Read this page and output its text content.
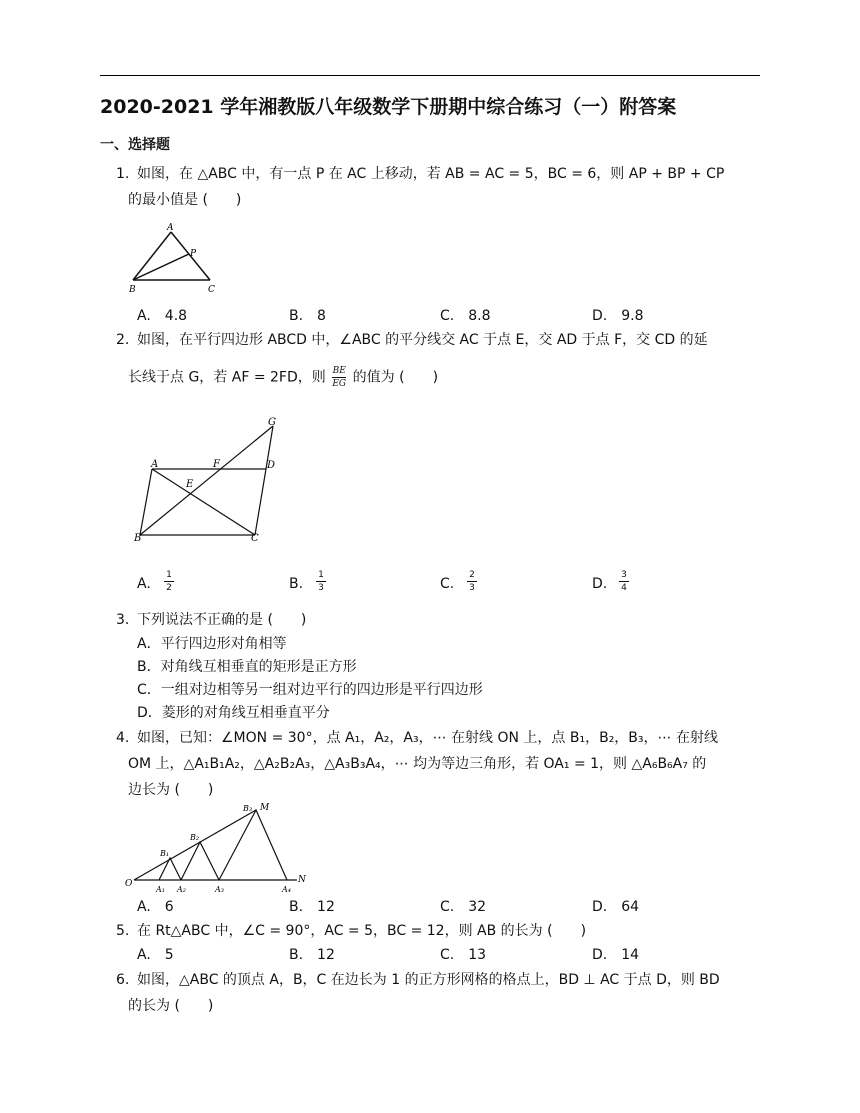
2020-2021 学年湘教版八年级数学下册期中综合练习（一）附答案
一、选择题
1. 如图，在 △ABC 中，有一点 P 在 AC 上移动，若 AB = AC = 5，BC = 6，则 AP + BP + CP
的最小值是 (　　)
A
P
B	C
A.　4.8	B.　8	C.　8.8	D.　9.8
2. 如图，在平行四边形 ABCD 中，∠ABC 的平分线交 AC 于点 E，交 AD 于点 F，交 CD 的延
长线于点 G，若 AF = 2FD，则 $\frac{BE}{EG}$ 的值为 (　　)
A	F	D
G
E
B	C
A.
1
2	B.
1
3	C.
2
3	D.
3
4
3. 下列说法不正确的是 (　　)
A．平行四边形对角相等
B．对角线互相垂直的矩形是正方形
C．一组对边相等另一组对边平行的四边形是平行四边形
D．菱形的对角线互相垂直平分
4. 如图，已知：∠MON = 30°，点 A₁，A₂，A₃，⋯ 在射线 ON 上，点 B₁，B₂，B₃，⋯ 在射线
OM 上，△A₁B₁A₂，△A₂B₂A₃，△A₃B₃A₄，⋯ 均为等边三角形，若 OA₁ = 1，则 △A₆B₆A₇ 的
边长为 (　　)
O	N
M
A₁ A₂	A₃	A₄
B₁
B₂
B₃
A.　6	B.　12	C.　32	D.　64
5. 在 Rt△ABC 中，∠C = 90°，AC = 5，BC = 12，则 AB 的长为 (　　)
A.　5	B.　12	C.　13	D.　14
6. 如图，△ABC 的顶点 A，B，C 在边长为 1 的正方形网格的格点上，BD ⊥ AC 于点 D，则 BD
的长为 (　　)
